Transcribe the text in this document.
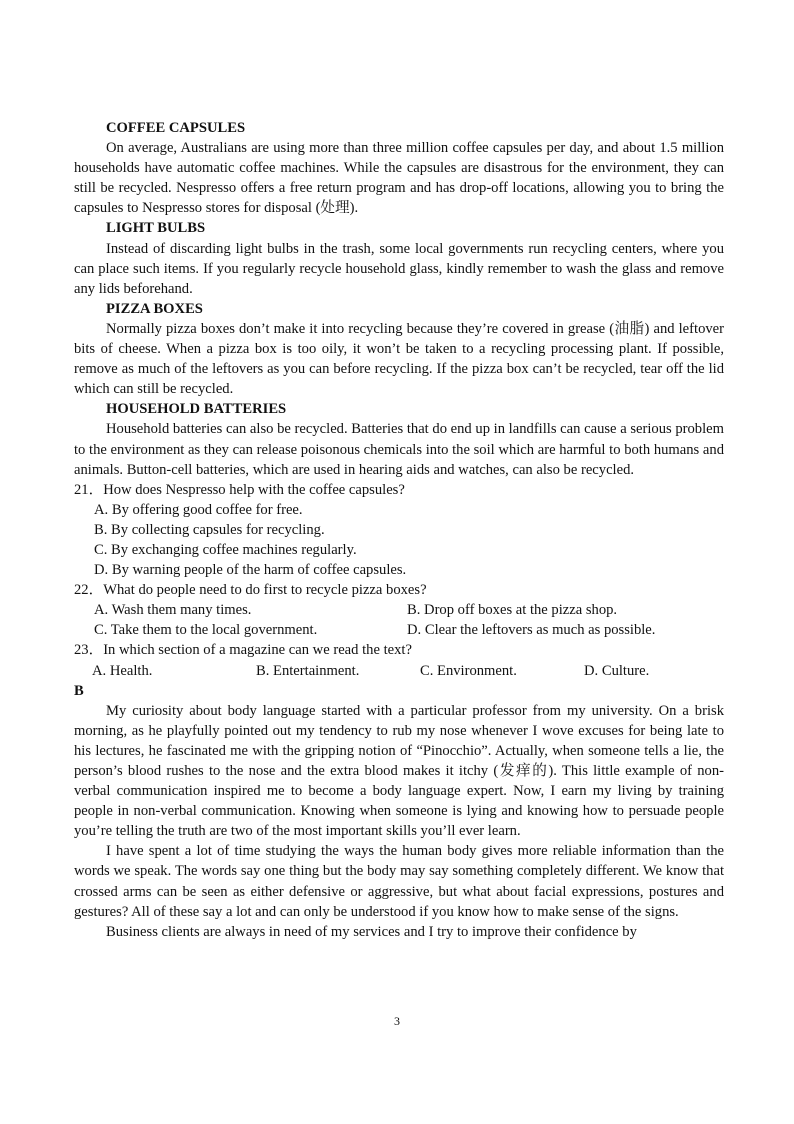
COFFEE CAPSULES

On average, Australians are using more than three million coffee capsules per day, and about 1.5 million households have automatic coffee machines. While the capsules are disastrous for the environment, they can still be recycled. Nespresso offers a free return program and has drop-off locations, allowing you to bring the capsules to Nespresso stores for disposal (处理).

LIGHT BULBS

Instead of discarding light bulbs in the trash, some local governments run recycling centers, where you can place such items. If you regularly recycle household glass, kindly remember to wash the glass and remove any lids beforehand.

PIZZA BOXES

Normally pizza boxes don’t make it into recycling because they’re covered in grease (油脂) and leftover bits of cheese. When a pizza box is too oily, it won’t be taken to a recycling processing plant. If possible, remove as much of the leftovers as you can before recycling. If the pizza box can’t be recycled, tear off the lid which can still be recycled.

HOUSEHOLD BATTERIES

Household batteries can also be recycled. Batteries that do end up in landfills can cause a serious problem to the environment as they can release poisonous chemicals into the soil which are harmful to both humans and animals. Button-cell batteries, which are used in hearing aids and watches, can also be recycled.

21．How does Nespresso help with the coffee capsules?

A. By offering good coffee for free.

B. By collecting capsules for recycling.

C. By exchanging coffee machines regularly.

D. By warning people of the harm of coffee capsules.

22．What do people need to do first to recycle pizza boxes?

A. Wash them many times.	B. Drop off boxes at the pizza shop.
C. Take them to the local government.	D. Clear the leftovers as much as possible.

23．In which section of a magazine can we read the text?

A. Health.	B. Entertainment.	C. Environment.	D. Culture.

B

My curiosity about body language started with a particular professor from my university. On a brisk morning, as he playfully pointed out my tendency to rub my nose whenever I wove excuses for being late to his lectures, he fascinated me with the gripping notion of “Pinocchio”. Actually, when someone tells a lie, the person’s blood rushes to the nose and the extra blood makes it itchy (发痒的). This little example of non-verbal communication inspired me to become a body language expert. Now, I earn my living by training people in non-verbal communication. Knowing when someone is lying and knowing how to persuade people you’re telling the truth are two of the most important skills you’ll ever learn.

I have spent a lot of time studying the ways the human body gives more reliable information than the words we speak. The words say one thing but the body may say something completely different. We know that crossed arms can be seen as either defensive or aggressive, but what about facial expressions, postures and gestures? All of these say a lot and can only be understood if you know how to make sense of the signs.

Business clients are always in need of my services and I try to improve their confidence by

3
